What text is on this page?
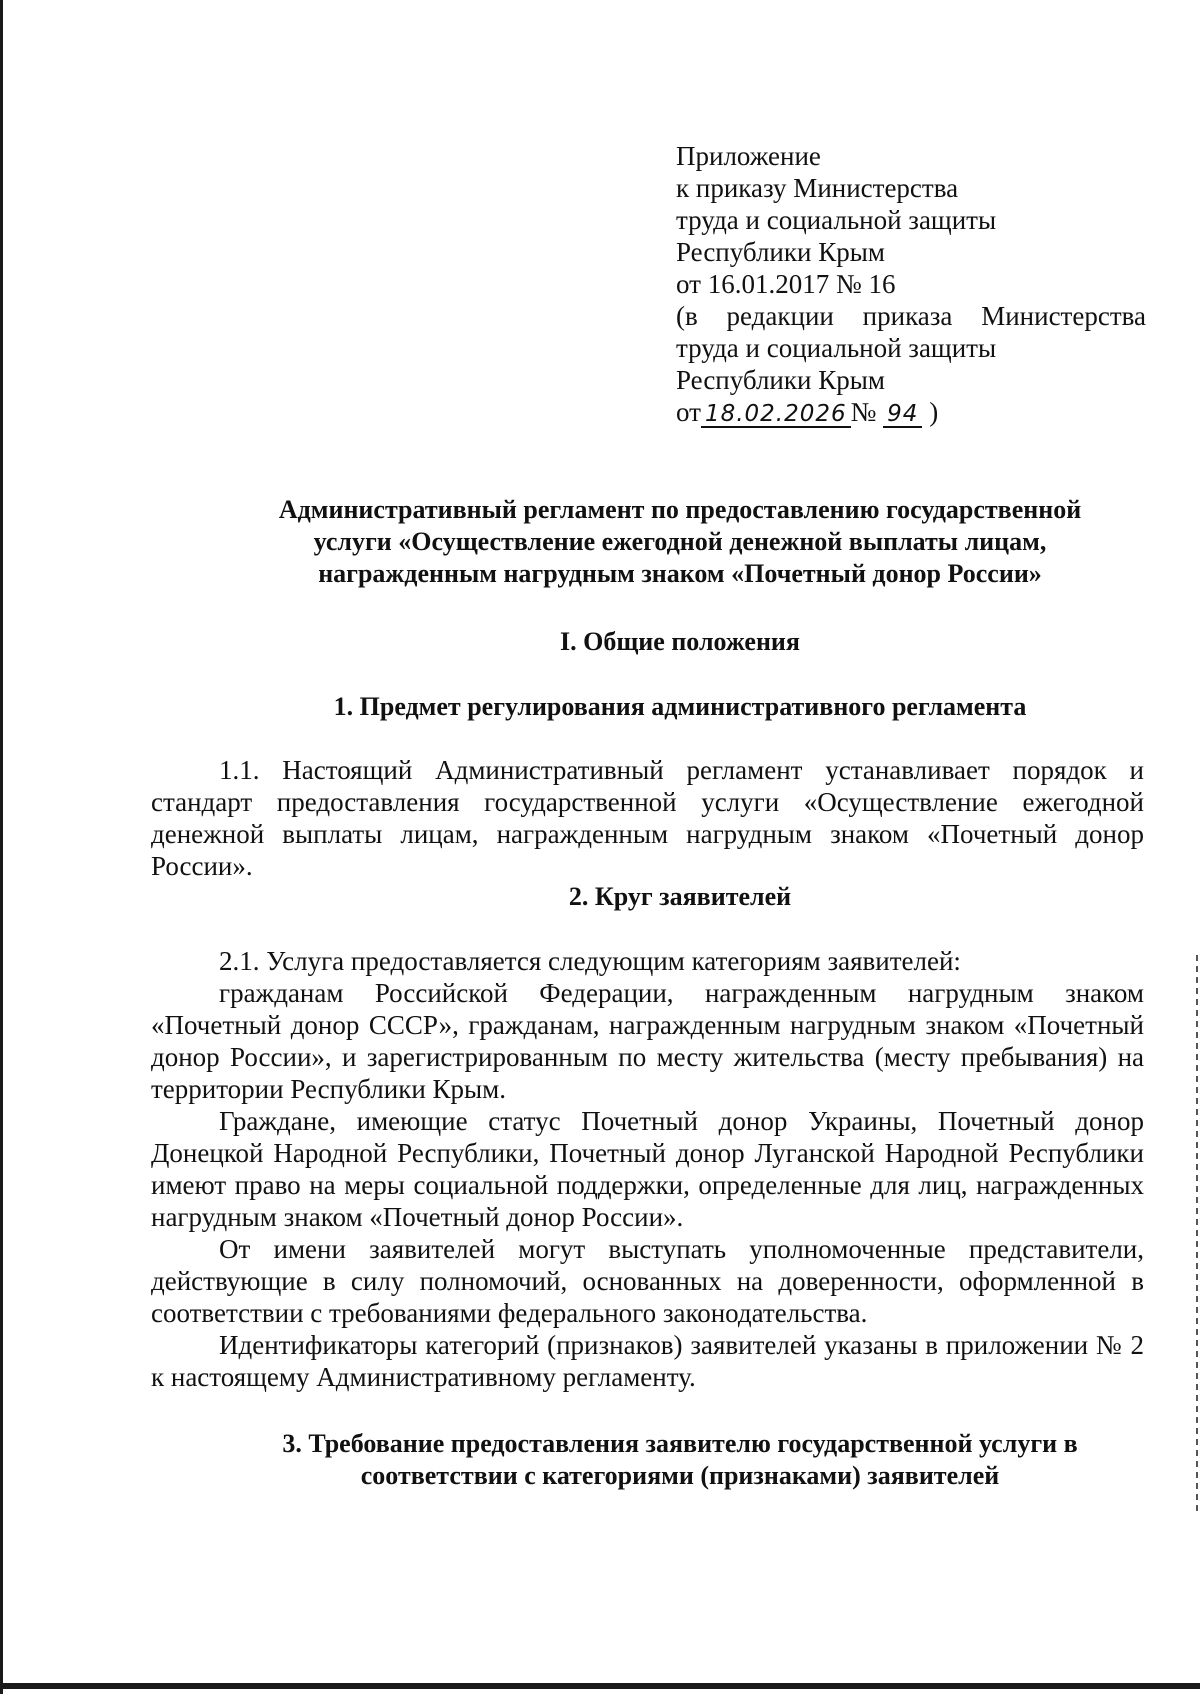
Приложение
к приказу Министерства
труда и социальной защиты
Республики Крым
от 16.01.2017 № 16
(в редакции приказа Министерства
труда и социальной защиты
Республики Крым
от 18.02.2026 № 94 )
Административный регламент по предоставлению государственной
услуги «Осуществление ежегодной денежной выплаты лицам,
награжденным нагрудным знаком «Почетный донор России»
I. Общие положения
1. Предмет регулирования административного регламента

1.1. Настоящий Административный регламент устанавливает порядок и стандарт предоставления государственной услуги «Осуществление ежегодной денежной выплаты лицам, награжденным нагрудным знаком «Почетный донор России».

2. Круг заявителей

2.1. Услуга предоставляется следующим категориям заявителей:

гражданам Российской Федерации, награжденным нагрудным знаком «Почетный донор СССР», гражданам, награжденным нагрудным знаком «Почетный донор России», и зарегистрированным по месту жительства (месту пребывания) на территории Республики Крым.

Граждане, имеющие статус Почетный донор Украины, Почетный донор Донецкой Народной Республики, Почетный донор Луганской Народной Республики имеют право на меры социальной поддержки, определенные для лиц, награжденных нагрудным знаком «Почетный донор России».

От имени заявителей могут выступать уполномоченные представители, действующие в силу полномочий, основанных на доверенности, оформленной в соответствии с требованиями федерального законодательства.

Идентификаторы категорий (признаков) заявителей указаны в приложении № 2 к настоящему Административному регламенту.

3. Требование предоставления заявителю государственной услуги в
соответствии с категориями (признаками) заявителей
